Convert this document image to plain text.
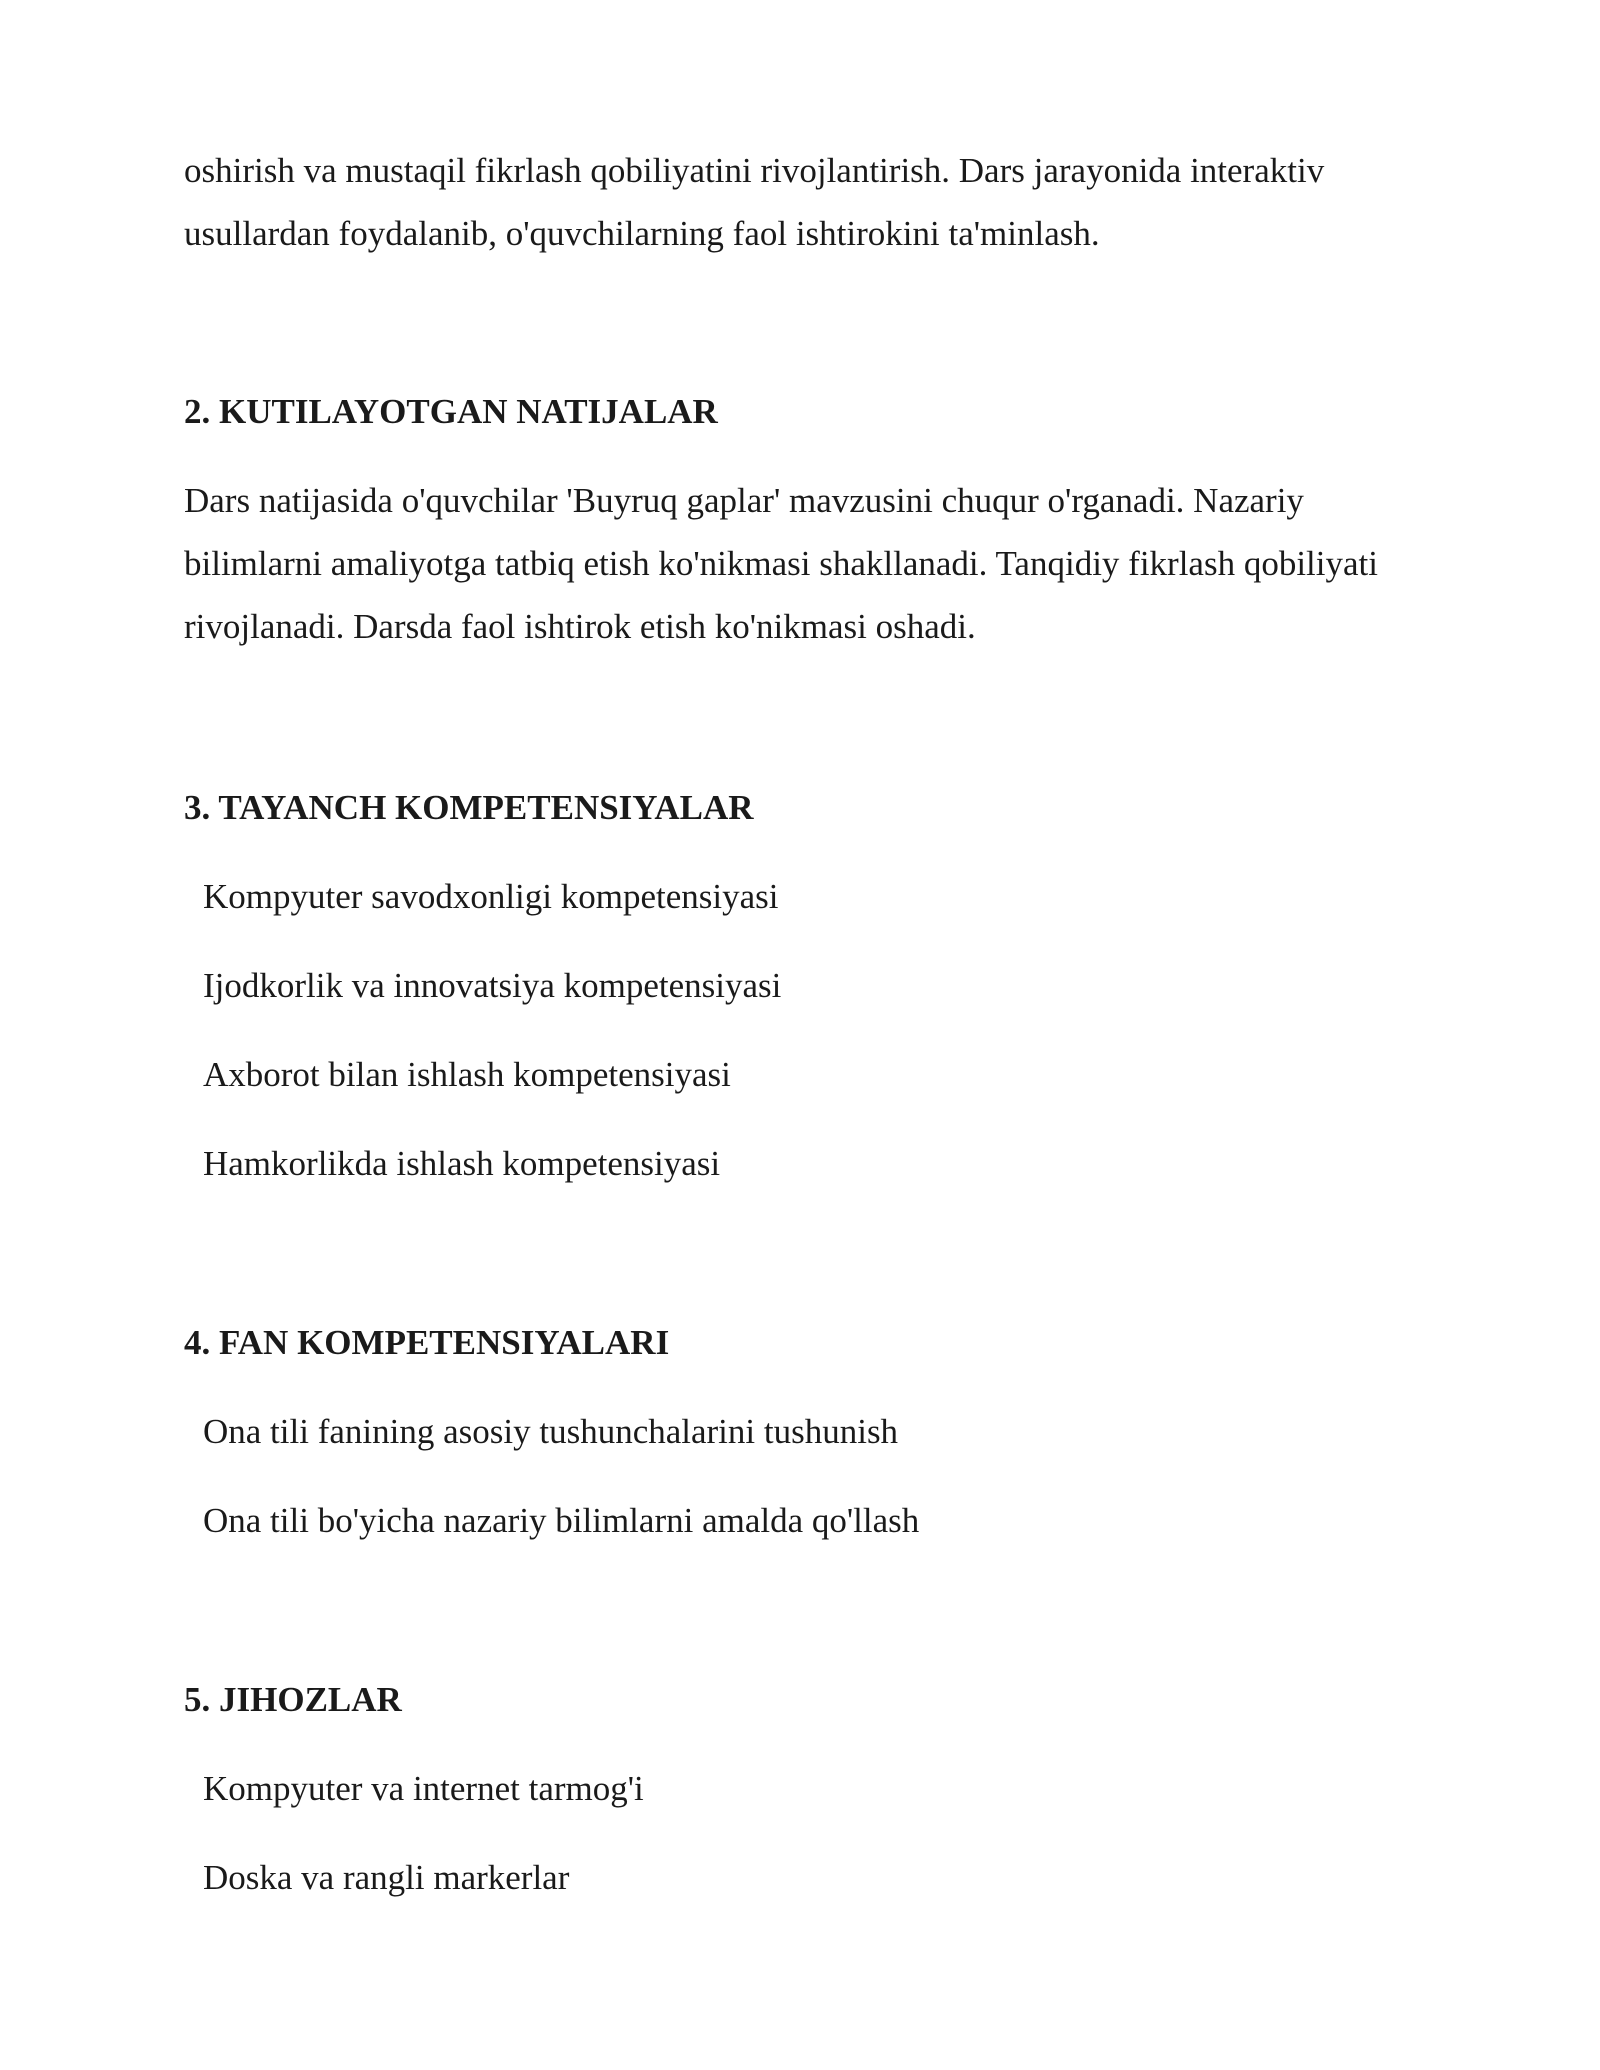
oshirish va mustaqil fikrlash qobiliyatini rivojlantirish. Dars jarayonida interaktiv usullardan foydalanib, o'quvchilarning faol ishtirokini ta'minlash.

2. KUTILAYOTGAN NATIJALAR

Dars natijasida o'quvchilar 'Buyruq gaplar' mavzusini chuqur o'rganadi. Nazariy bilimlarni amaliyotga tatbiq etish ko'nikmasi shakllanadi. Tanqidiy fikrlash qobiliyati rivojlanadi. Darsda faol ishtirok etish ko'nikmasi oshadi.

3. TAYANCH KOMPETENSIYALAR

Kompyuter savodxonligi kompetensiyasi

Ijodkorlik va innovatsiya kompetensiyasi

Axborot bilan ishlash kompetensiyasi

Hamkorlikda ishlash kompetensiyasi

4. FAN KOMPETENSIYALARI

Ona tili fanining asosiy tushunchalarini tushunish

Ona tili bo'yicha nazariy bilimlarni amalda qo'llash

5. JIHOZLAR

Kompyuter va internet tarmog'i

Doska va rangli markerlar
